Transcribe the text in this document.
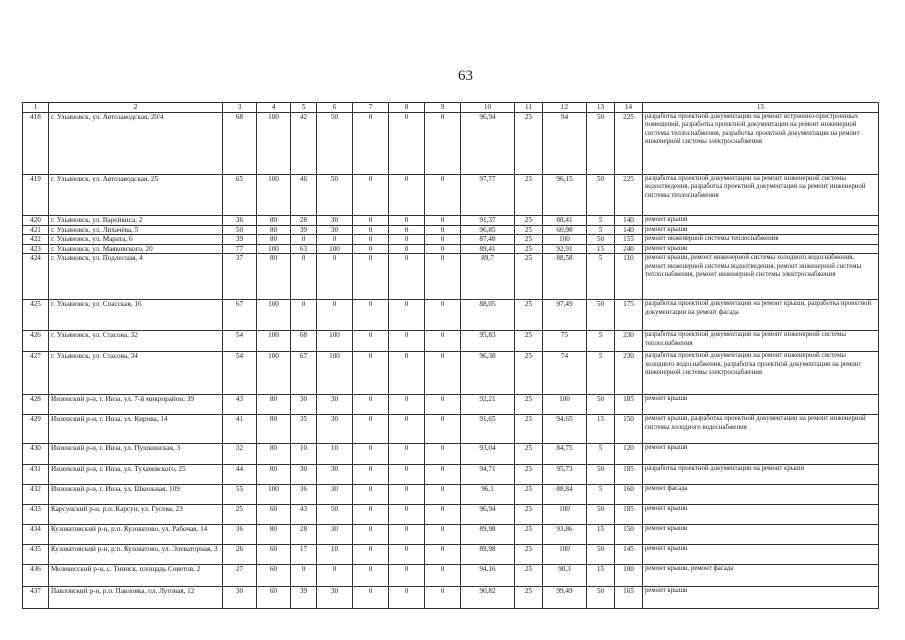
63
1	2	3	4	5	6	7	8	9	10	11	12	13	14	15
418	г. Ульяновск, ул. Автозаводская, 20/4	68	100	42	50	0	0	0	96,94	25	94	50	225	разработка проектной документации на ремонт встроенно-пристроенных помещений, разработка проектной документации на ремонт инженерной системы теплоснабжения, разработка проектной документации на ремонт инженерной системы электроснабжения
419	г. Ульяновск, ул. Автозаводская, 25	65	100	46	50	0	0	0	97,77	25	96,15	50	225	разработка проектной документации на ремонт инженерной системы водоотведения, разработка проектной документации на ремонт инженерной системы теплоснабжения
420	г. Ульяновск, ул. Варейкиса, 2	36	80	28	30	0	0	0	91,37	25	88,41	5	140	ремонт крыши
421	г. Ульяновск, ул. Лихачёва, 5	50	80	39	30	0	0	0	96,85	25	60,98	5	140	ремонт крыши
422	г. Ульяновск, ул. Марата, 6	39	80	0	0	0	0	0	87,48	25	100	50	155	ремонт инженерной системы теплоснабжения
423	г. Ульяновск, ул. Маяковского, 20	77	100	63	100	0	0	0	89,41	25	92,91	15	240	ремонт крыши
424	г. Ульяновск, ул. Подлесная, 4	37	80	0	0	0	0	0	89,7	25	88,58	5	110	ремонт крыши, ремонт инженерной системы холодного водоснабжения, ремонт инженерной системы водоотведения, ремонт инженерной системы теплоснабжения, ремонт инженерной системы электроснабжения
425	г. Ульяновск, ул. Спасская, 16	67	100	0	0	0	0	0	88,05	25	97,49	50	175	разработка проектной документации на ремонт крыши, разработка проектной документации на ремонт фасада
426	г. Ульяновск, ул. Стасова, 32	54	100	68	100	0	0	0	95,83	25	75	5	230	разработка проектной документации на ремонт инженерной системы теплоснабжения
427	г. Ульяновск, ул. Стасова, 34	54	100	67	100	0	0	0	96,38	25	74	5	230	разработка проектной документации на ремонт инженерной системы холодного водоснабжения, разработка проектной документации на ремонт инженерной системы электроснабжения
428	Инзенский р-н, г. Инза, ул. 7-й микрорайон, 39	43	80	30	30	0	0	0	92,21	25	100	50	185	ремонт крыши
429	Инзенский р-н, г. Инза, ул. Кирова, 14	41	80	35	30	0	0	0	91,65	25	94,65	15	150	ремонт крыши, разработка проектной документации на ремонт инженерной системы холодного водоснабжения
430	Инзенский р-н, г. Инза, ул. Пушкинская, 3	32	80	10	10	0	0	0	93,04	25	84,75	5	120	ремонт крыши
431	Инзенский р-н, г. Инза, ул. Тухачевского, 25	44	80	30	30	0	0	0	94,71	25	95,73	50	185	разработка проектной документации на ремонт крыши
432	Инзенский р-н, г. Инза, ул. Школьная, 109	55	100	36	30	0	0	0	96,1	25	88,84	5	160	ремонт фасада
433	Карсунский р-н, р.п. Карсун, ул. Гусева, 23	25	60	43	50	0	0	0	96,94	25	100	50	185	ремонт крыши
434	Кузоватовский р-н, р.п. Кузоватово, ул. Рабочая, 14	36	80	28	30	0	0	0	89,98	25	93,86	15	150	ремонт крыши
435	Кузоватовский р-н, р.п. Кузоватово, ул. Элеваторная, 3	26	60	17	10	0	0	0	89,98	25	100	50	145	ремонт крыши
436	Мелекесский р-н, с. Тиинск, площадь Советов, 2	27	60	0	0	0	0	0	94,16	25	90,3	15	100	ремонт крыши, ремонт фасада
437	Павловский р-н, р.п. Павловка, пл. Луговая, 12	30	60	39	30	0	0	0	90,82	25	99,49	50	165	ремонт крыши
